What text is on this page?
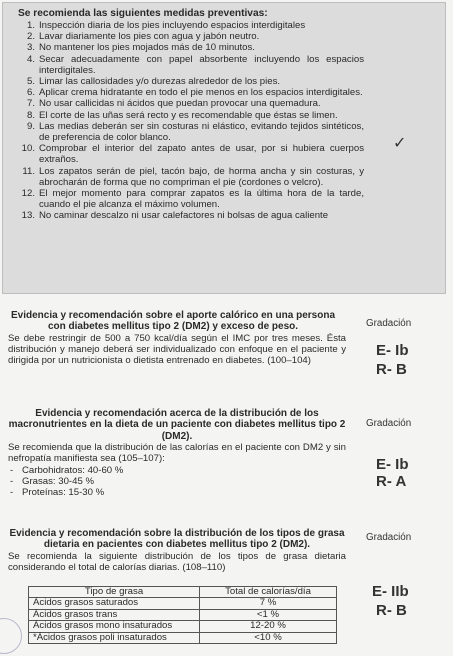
Se recomienda las siguientes medidas preventivas:
1. Inspección diaria de los pies incluyendo espacios interdigitales
2. Lavar diariamente los pies con agua y jabón neutro.
3. No mantener los pies mojados más de 10 minutos.
4. Secar adecuadamente con papel absorbente incluyendo los espacios interdigitales.
5. Limar las callosidades y/o durezas alrededor de los pies.
6. Aplicar crema hidratante en todo el pie menos en los espacios interdigitales.
7. No usar callicidas ni ácidos que puedan provocar una quemadura.
8. El corte de las uñas será recto y es recomendable que éstas se limen.
9. Las medias deberán ser sin costuras ni elástico, evitando tejidos sintéticos, de preferencia de color blanco.
10. Comprobar el interior del zapato antes de usar, por si hubiera cuerpos extraños.
11. Los zapatos serán de piel, tacón bajo, de horma ancha y sin costuras, y abrocharán de forma que no compriman el pie (cordones o velcro).
12. El mejor momento para comprar zapatos es la última hora de la tarde, cuando el pie alcanza el máximo volumen.
13. No caminar descalzo ni usar calefactores ni bolsas de agua caliente
✓
Evidencia y recomendación sobre el aporte calórico en una persona con diabetes mellitus tipo 2 (DM2) y exceso de peso.
Se debe restringir de 500 a 750 kcal/día según el IMC por tres meses. Ésta distribución y manejo deberá ser individualizado con enfoque en el paciente y dirigida por un nutricionista o dietista entrenado en diabetes. (100–104)
Gradación
E- Ib
R- B
Evidencia y recomendación acerca de la distribución de los macronutrientes en la dieta de un paciente con diabetes mellitus tipo 2 (DM2).
Se recomienda que la distribución de las calorías en el paciente con DM2 y sin nefropatía manifiesta sea (105–107):
- Carbohidratos: 40-60 %
- Grasas: 30-45 %
- Proteínas: 15-30 %
Gradación
E- Ib
R- A
Evidencia y recomendación sobre la distribución de los tipos de grasa dietaria en pacientes con diabetes mellitus tipo 2 (DM2).
Se recomienda la siguiente distribución de los tipos de grasa dietaria considerando el total de calorías diarias. (108–110)
Gradación
E- IIb
R- B
Tipo de grasa	Total de calorías/día
Ácidos grasos saturados	7 %
Ácidos grasos trans	<1 %
Ácidos grasos mono insaturados	12-20 %
*Ácidos grasos poli insaturados	<10 %
